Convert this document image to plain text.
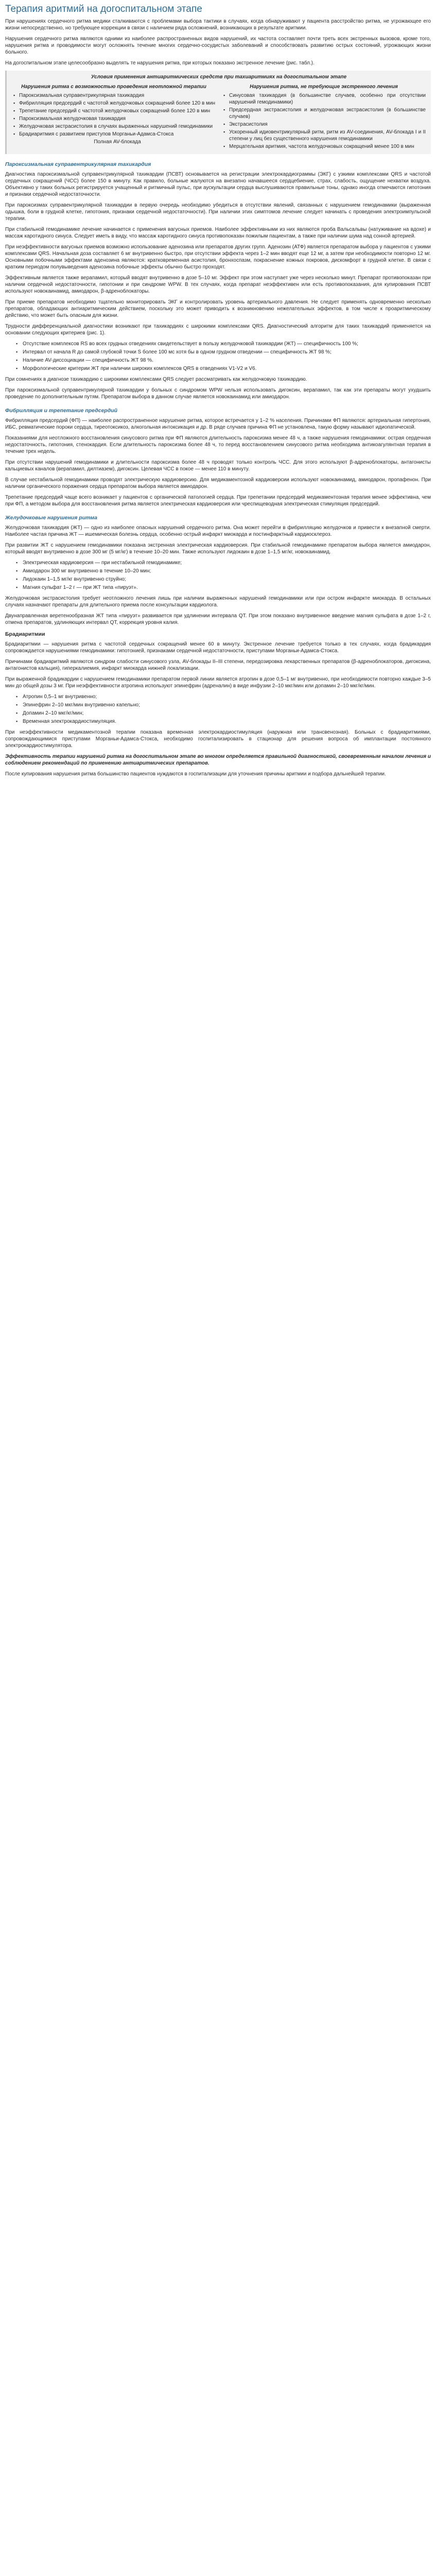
Терапия аритмий на догоспитальном этапе

При нарушениях сердечного ритма медики сталкиваются с проблемами выбора тактики в случаях, когда обнаруживают у пациента расстройство ритма, не угрожающее его жизни непосредственно, но требующее коррекции в связи с наличием ряда осложнений, возникающих в результате аритмии.

Нарушения сердечного ритма являются одними из наиболее распространенных видов нарушений, их частота составляет почти треть всех экстренных вызовов, кроме того, нарушения ритма и проводимости могут осложнять течение многих сердечно-сосудистых заболеваний и способствовать развитию острых состояний, угрожающих жизни больного.

На догоспитальном этапе целесообразно выделять те нарушения ритма, при которых показано экстренное лечение (рис. табл.).

Условия применения антиаритмических средств при тахиаритмиях на догоспитальном этапе
Нарушения ритма с возможностью проведения неотложной терапии
▪ Пароксизмальная суправентрикулярная тахикардия
▪ Фибрилляция предсердий с частотой желудочковых сокращений более 120 в мин
▪ Трепетание предсердий с частотой желудочковых сокращений более 120 в мин
▪ Пароксизмальная желудочковая тахикардия
▪ Желудочковая экстрасистолия в случаях выраженных нарушений гемодинамики
▪ Брадиаритмия с развитием приступов Морганьи-Адамса-Стокса
Полная AV-блокада
Нарушения ритма, не требующие экстренного лечения
▪ Синусовая тахикардия (в большинстве случаев, особенно при отсутствии нарушений гемодинамики)
▪ Предсердная экстрасистолия и желудочковая экстрасистолия (в большинстве случаев)
▪ Экстрасистолия
▪ Ускоренный идиовентрикулярный ритм, ритм из AV-соединения, AV-блокада I и II степени у лиц без существенного нарушения гемодинамики
▪ Мерцательная аритмия, частота желудочковых сокращений менее 100 в мин
Пароксизмальная суправентрикулярная тахикардия

Диагностика пароксизмальной суправентрикулярной тахикардии (ПСВТ) основывается на регистрации электрокардиограммы (ЭКГ) с узкими комплексами QRS и частотой сердечных сокращений (ЧСС) более 150 в минуту. Как правило, больные жалуются на внезапно начавшееся сердцебиение, страх, слабость, ощущение нехватки воздуха. Объективно у таких больных регистрируется учащенный и ритмичный пульс, при аускультации сердца выслушиваются правильные тоны, однако иногда отмечаются гипотония и признаки сердечной недостаточности.

При пароксизмах суправентрикулярной тахикардии в первую очередь необходимо убедиться в отсутствии явлений, связанных с нарушением гемодинамики (выраженная одышка, боли в грудной клетке, гипотония, признаки сердечной недостаточности). При наличии этих симптомов лечение следует начинать с проведения электроимпульсной терапии.

При стабильной гемодинамике лечение начинается с применения вагусных приемов. Наиболее эффективными из них являются проба Вальсальвы (натуживание на вдохе) и массаж каротидного синуса. Следует иметь в виду, что массаж каротидного синуса противопоказан пожилым пациентам, а также при наличии шума над сонной артерией.

При неэффективности вагусных приемов возможно использование аденозина или препаратов других групп. Аденозин (АТФ) является препаратом выбора у пациентов с узкими комплексами QRS. Начальная доза составляет 6 мг внутривенно быстро, при отсутствии эффекта через 1–2 мин вводят еще 12 мг, а затем при необходимости повторно 12 мг. Основными побочными эффектами аденозина являются: кратковременная асистолия, бронхоспазм, покраснение кожных покровов, дискомфорт в грудной клетке. В связи с кратким периодом полувыведения аденозина побочные эффекты обычно быстро проходят.

Эффективным является также верапамил, который вводят внутривенно в дозе 5–10 мг. Эффект при этом наступает уже через несколько минут. Препарат противопоказан при наличии сердечной недостаточности, гипотонии и при синдроме WPW. В тех случаях, когда препарат неэффективен или есть противопоказания, для купирования ПСВТ используют новокаинамид, амиодарон, β-адреноблокаторы.

При приеме препаратов необходимо тщательно мониторировать ЭКГ и контролировать уровень артериального давления. Не следует применять одновременно несколько препаратов, обладающих антиаритмическим действием, поскольку это может приводить к возникновению нежелательных эффектов, в том числе к проаритмическому действию, что может быть опасным для жизни.

Трудности дифференциальной диагностики возникают при тахикардиях с широкими комплексами QRS. Диагностический алгоритм для таких тахикардий применяется на основании следующих критериев (рис. 1).

▪ Отсутствие комплексов RS во всех грудных отведениях свидетельствует в пользу желудочковой тахикардии (ЖТ) — специфичность 100 %;
▪ Интервал от начала R до самой глубокой точки S более 100 мс хотя бы в одном грудном отведении — специфичность ЖТ 98 %;
▪ Наличие AV-диссоциации — специфичность ЖТ 98 %.
▪ Морфологические критерии ЖТ при наличии широких комплексов QRS в отведениях V1-V2 и V6.

При сомнениях в диагнозе тахикардию с широкими комплексами QRS следует рассматривать как желудочковую тахикардию.

При пароксизмальной суправентрикулярной тахикардии у больных с синдромом WPW нельзя использовать дигоксин, верапамил, так как эти препараты могут ухудшить проведение по дополнительным путям. Препаратом выбора в данном случае является новокаинамид или амиодарон.

Фибрилляция и трепетание предсердий

Фибрилляция предсердий (ФП) — наиболее распространенное нарушение ритма, которое встречается у 1–2 % населения. Причинами ФП являются: артериальная гипертония, ИБС, ревматические пороки сердца, тиреотоксикоз, алкогольная интоксикация и др. В ряде случаев причина ФП не установлена, такую форму называют идиопатической.

Показаниями для неотложного восстановления синусового ритма при ФП являются длительность пароксизма менее 48 ч, а также нарушения гемодинамики: острая сердечная недостаточность, гипотония, стенокардия. Если длительность пароксизма более 48 ч, то перед восстановлением синусового ритма необходима антикоагулянтная терапия в течение трех недель.

При отсутствии нарушений гемодинамики и длительности пароксизма более 48 ч проводят только контроль ЧСС. Для этого используют β-адреноблокаторы, антагонисты кальциевых каналов (верапамил, дилтиазем), дигоксин. Целевая ЧСС в покое — менее 110 в минуту.

В случае нестабильной гемодинамики проводят электрическую кардиоверсию. Для медикаментозной кардиоверсии используют новокаинамид, амиодарон, пропафенон. При наличии органического поражения сердца препаратом выбора является амиодарон.

Трепетание предсердий чаще всего возникает у пациентов с органической патологией сердца. При трепетании предсердий медикаментозная терапия менее эффективна, чем при ФП, а методом выбора для восстановления ритма является электрическая кардиоверсия или чреспищеводная электрическая стимуляция предсердий.

Желудочковые нарушения ритма

Желудочковая тахикардия (ЖТ) — одно из наиболее опасных нарушений сердечного ритма. Она может перейти в фибрилляцию желудочков и привести к внезапной смерти. Наиболее частая причина ЖТ — ишемическая болезнь сердца, особенно острый инфаркт миокарда и постинфарктный кардиосклероз.

При развитии ЖТ с нарушением гемодинамики показана экстренная электрическая кардиоверсия. При стабильной гемодинамике препаратом выбора является амиодарон, который вводят внутривенно в дозе 300 мг (5 мг/кг) в течение 10–20 мин. Также используют лидокаин в дозе 1–1,5 мг/кг, новокаинамид.

▪ Электрическая кардиоверсия — при нестабильной гемодинамике;
▪ Амиодарон 300 мг внутривенно в течение 10–20 мин;
▪ Лидокаин 1–1,5 мг/кг внутривенно струйно;
▪ Магния сульфат 1–2 г — при ЖТ типа «пируэт».

Желудочковая экстрасистолия требует неотложного лечения лишь при наличии выраженных нарушений гемодинамики или при остром инфаркте миокарда. В остальных случаях назначают препараты для длительного приема после консультации кардиолога.

Двунаправленная веретенообразная ЖТ типа «пируэт» развивается при удлинении интервала QT. При этом показано внутривенное введение магния сульфата в дозе 1–2 г, отмена препаратов, удлиняющих интервал QT, коррекция уровня калия.

Брадиаритмии

Брадиаритмии — нарушения ритма с частотой сердечных сокращений менее 60 в минуту. Экстренное лечение требуется только в тех случаях, когда брадикардия сопровождается нарушениями гемодинамики: гипотонией, признаками сердечной недостаточности, приступами Морганьи-Адамса-Стокса.

Причинами брадиаритмий являются синдром слабости синусового узла, AV-блокады II–III степени, передозировка лекарственных препаратов (β-адреноблокаторов, дигоксина, антагонистов кальция), гиперкалиемия, инфаркт миокарда нижней локализации.

При выраженной брадикардии с нарушением гемодинамики препаратом первой линии является атропин в дозе 0,5–1 мг внутривенно, при необходимости повторно каждые 3–5 мин до общей дозы 3 мг. При неэффективности атропина используют эпинефрин (адреналин) в виде инфузии 2–10 мкг/мин или допамин 2–10 мкг/кг/мин.

▪ Атропин 0,5–1 мг внутривенно;
▪ Эпинефрин 2–10 мкг/мин внутривенно капельно;
▪ Допамин 2–10 мкг/кг/мин;
▪ Временная электрокардиостимуляция.

При неэффективности медикаментозной терапии показана временная электрокардиостимуляция (наружная или трансвенозная). Больных с брадиаритмиями, сопровождающимися приступами Морганьи-Адамса-Стокса, необходимо госпитализировать в стационар для решения вопроса об имплантации постоянного электрокардиостимулятора.

Эффективность терапии нарушений ритма на догоспитальном этапе во многом определяется правильной диагностикой, своевременным началом лечения и соблюдением рекомендаций по применению антиаритмических препаратов.

После купирования нарушения ритма большинство пациентов нуждаются в госпитализации для уточнения причины аритмии и подбора дальнейшей терапии.
